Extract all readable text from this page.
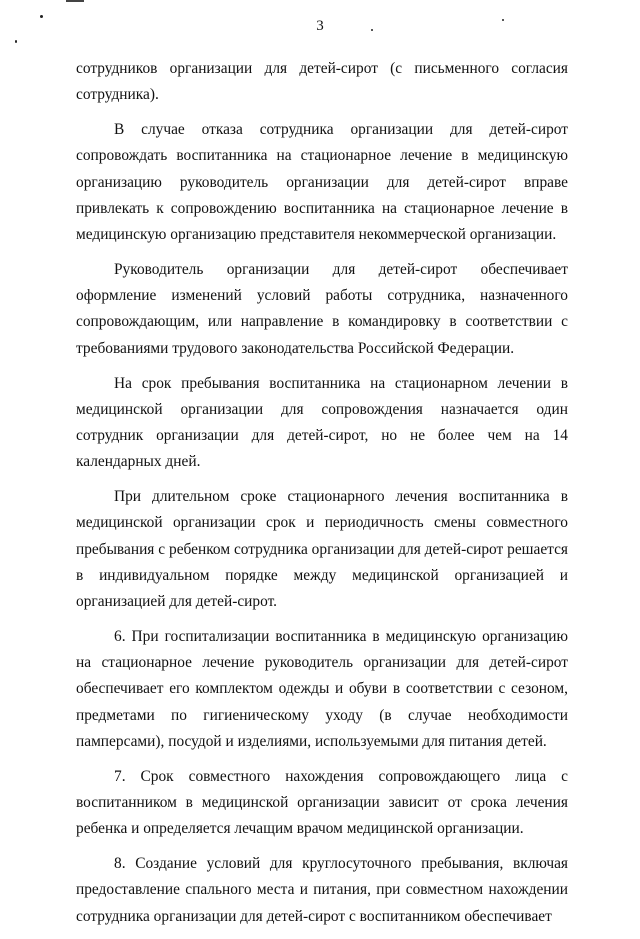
3

сотрудников организации для детей-сирот (с письменного согласия сотрудника).

В случае отказа сотрудника организации для детей-сирот сопровождать воспитанника на стационарное лечение в медицинскую организацию руководитель организации для детей-сирот вправе привлекать к сопровождению воспитанника на стационарное лечение в медицинскую организацию представителя некоммерческой организации.

Руководитель организации для детей-сирот обеспечивает оформление изменений условий работы сотрудника, назначенного сопровождающим, или направление в командировку в соответствии с требованиями трудового законодательства Российской Федерации.

На срок пребывания воспитанника на стационарном лечении в медицинской организации для сопровождения назначается один сотрудник организации для детей-сирот, но не более чем на 14 календарных дней.

При длительном сроке стационарного лечения воспитанника в медицинской организации срок и периодичность смены совместного пребывания с ребенком сотрудника организации для детей-сирот решается в индивидуальном порядке между медицинской организацией и организацией для детей-сирот.

6. При госпитализации воспитанника в медицинскую организацию на стационарное лечение руководитель организации для детей-сирот обеспечивает его комплектом одежды и обуви в соответствии с сезоном, предметами по гигиеническому уходу (в случае необходимости памперсами), посудой и изделиями, используемыми для питания детей.

7. Срок совместного нахождения сопровождающего лица с воспитанником в медицинской организации зависит от срока лечения ребенка и определяется лечащим врачом медицинской организации.

8. Создание условий для круглосуточного пребывания, включая предоставление спального места и питания, при совместном нахождении сотрудника организации для детей-сирот с воспитанником обеспечивает
